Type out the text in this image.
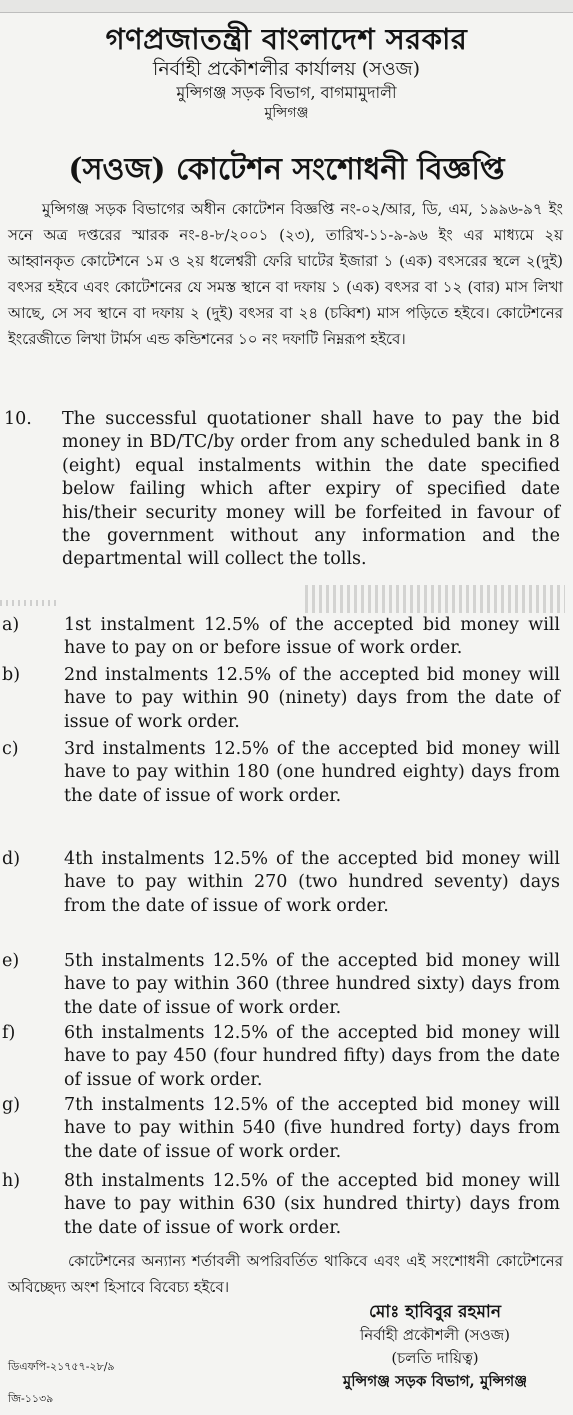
গণপ্রজাতন্ত্রী বাংলাদেশ সরকার
নির্বাহী প্রকৌশলীর কার্যালয় (সওজ)
মুন্সিগঞ্জ সড়ক বিভাগ, বাগমামুদালী
মুন্সিগঞ্জ
(সওজ) কোটেশন সংশোধনী বিজ্ঞপ্তি
মুন্সিগঞ্জ সড়ক বিভাগের অধীন কোটেশন বিজ্ঞপ্তি নং-০২/আর, ডি, এম, ১৯৯৬-৯৭ ইং সনে অত্র দপ্তরের স্মারক নং-৪-৮/২০০১ (২৩), তারিখ-১১-৯-৯৬ ইং এর মাধ্যমে ২য় আহ্বানকৃত কোটেশনে ১ম ও ২য় ধলেশ্বরী ফেরি ঘাটের ইজারা ১ (এক) বৎসরের স্থলে ২(দুই) বৎসর হইবে এবং কোটেশনের যে সমস্ত স্থানে বা দফায় ১ (এক) বৎসর বা ১২ (বার) মাস লিখা আছে, সে সব স্থানে বা দফায় ২ (দুই) বৎসর বা ২৪ (চব্বিশ) মাস পড়িতে হইবে। কোটেশনের ইংরেজীতে লিখা টার্মস এন্ড কন্ডিশনের ১০ নং দফাটি নিম্নরূপ হইবে।
10. The successful quotationer shall have to pay the bid money in BD/TC/by order from any scheduled bank in 8 (eight) equal instalments within the date specified below failing which after expiry of specified date his/their security money will be forfeited in favour of the government without any information and the departmental will collect the tolls.
a)	1st instalment 12.5% of the accepted bid money will have to pay on or before issue of work order.
b)	2nd instalments 12.5% of the accepted bid money will have to pay within 90 (ninety) days from the date of issue of work order.
c)	3rd instalments 12.5% of the accepted bid money will have to pay within 180 (one hundred eighty) days from the date of issue of work order.
d)	4th instalments 12.5% of the accepted bid money will have to pay within 270 (two hundred seventy) days from the date of issue of work order.
e)	5th instalments 12.5% of the accepted bid money will have to pay within 360 (three hundred sixty) days from the date of issue of work order.
f)	6th instalments 12.5% of the accepted bid money will have to pay 450 (four hundred fifty) days from the date of issue of work order.
g)	7th instalments 12.5% of the accepted bid money will have to pay within 540 (five hundred forty) days from the date of issue of work order.
h)	8th instalments 12.5% of the accepted bid money will have to pay within 630 (six hundred thirty) days from the date of issue of work order.
কোটেশনের অন্যান্য শর্তাবলী অপরিবর্তিত থাকিবে এবং এই সংশোধনী কোটেশনের অবিচ্ছেদ্য অংশ হিসাবে বিবেচ্য হইবে।
মোঃ হাবিবুর রহমান
নির্বাহী প্রকৌশলী (সওজ)
(চলতি দায়িত্ব)
মুন্সিগঞ্জ সড়ক বিভাগ, মুন্সিগঞ্জ
ডিএফপি-২১৭৫৭-২৮/৯
জি-১১৩৯
